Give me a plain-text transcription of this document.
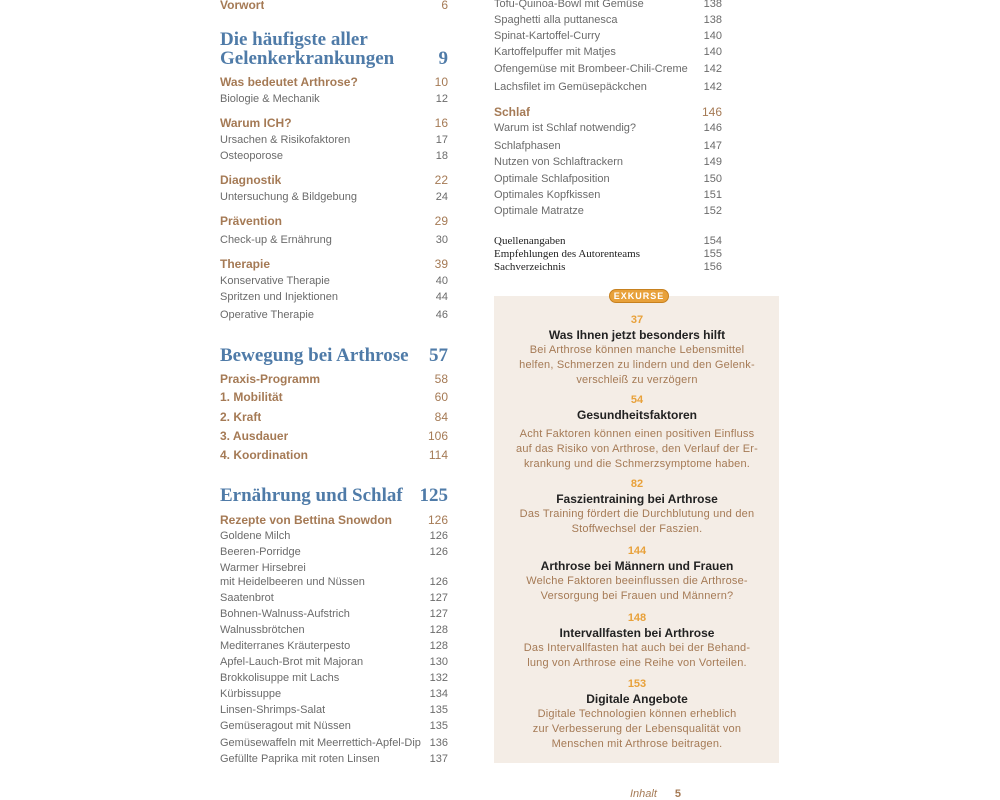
Vorwort	6
Die häufigste aller
Gelenkerkrankungen	9
Was bedeutet Arthrose?	10
Biologie & Mechanik	12
Warum ICH?	16
Ursachen & Risikofaktoren	17
Osteoporose	18
Diagnostik	22
Untersuchung & Bildgebung	24
Prävention	29
Check-up & Ernährung	30
Therapie	39
Konservative Therapie	40
Spritzen und Injektionen	44
Operative Therapie	46
Bewegung bei Arthrose	57
Praxis-Programm	58
1. Mobilität	60
2. Kraft	84
3. Ausdauer	106
4. Koordination	114
Ernährung und Schlaf 125
Rezepte von Bettina Snowdon	126
Goldene Milch	126
Beeren-Porridge	126
Warmer Hirsebrei
mit Heidelbeeren und Nüssen	126
Saatenbrot	127
Bohnen-Walnuss-Aufstrich	127
Walnussbrötchen	128
Mediterranes Kräuterpesto	128
Apfel-Lauch-Brot mit Majoran	130
Brokkolisuppe mit Lachs	132
Kürbissuppe	134
Linsen-Shrimps-Salat	135
Gemüseragout mit Nüssen	135
Gemüsewaffeln mit Meerrettich-Apfel-Dip 136
Gefüllte Paprika mit roten Linsen	137
Tofu-Quinoa-Bowl mit Gemüse	138
Spaghetti alla puttanesca	138
Spinat-Kartoffel-Curry	140
Kartoffelpuffer mit Matjes	140
Ofengemüse mit Brombeer-Chili-Creme	142
Lachsfilet im Gemüsepäckchen	142
Schlaf	146
Warum ist Schlaf notwendig?	146
Schlafphasen	147
Nutzen von Schlaftrackern	149
Optimale Schlafposition	150
Optimales Kopfkissen	151
Optimale Matratze	152
Quellenangaben	154
Empfehlungen des Autorenteams	155
Sachverzeichnis	156
EXKURSE
37
Was Ihnen jetzt besonders hilft
Bei Arthrose können manche Lebensmittel
helfen, Schmerzen zu lindern und den Gelenk-
verschleiß zu verzögern
54
Gesundheitsfaktoren
Acht Faktoren können einen positiven Einfluss
auf das Risiko von Arthrose, den Verlauf der Er-
krankung und die Schmerzsymptome haben.
82
Faszientraining bei Arthrose
Das Training fördert die Durchblutung und den
Stoffwechsel der Faszien.
144
Arthrose bei Männern und Frauen
Welche Faktoren beeinflussen die Arthrose-
Versorgung bei Frauen und Männern?
148
Intervallfasten bei Arthrose
Das Intervallfasten hat auch bei der Behand-
lung von Arthrose eine Reihe von Vorteilen.
153
Digitale Angebote
Digitale Technologien können erheblich
zur Verbesserung der Lebensqualität von
Menschen mit Arthrose beitragen.
Inhalt 5
